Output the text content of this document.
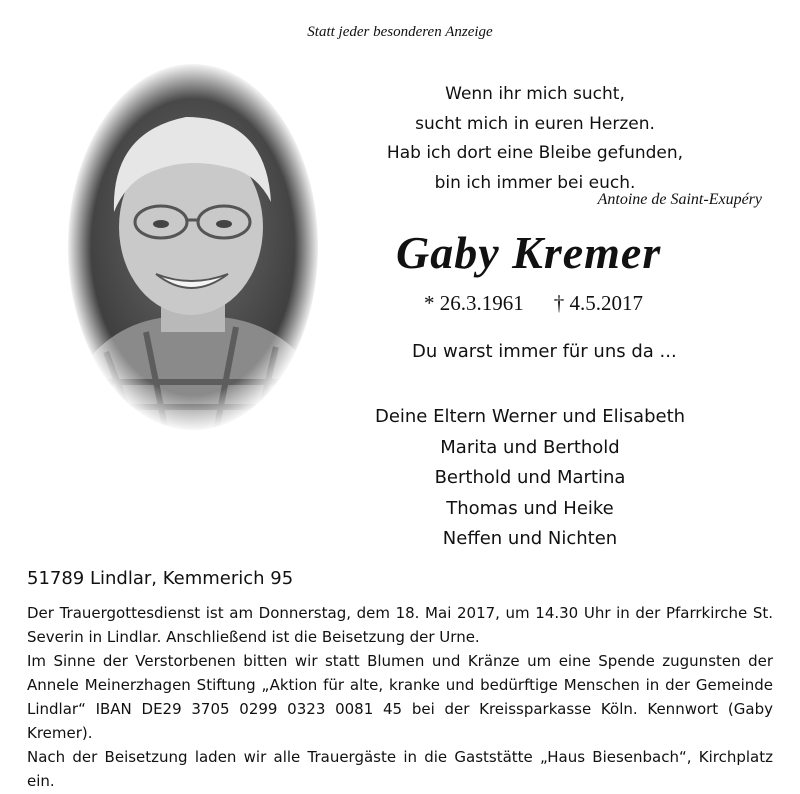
Statt jeder besonderen Anzeige
Wenn ihr mich sucht,
sucht mich in euren Herzen.
Hab ich dort eine Bleibe gefunden,
bin ich immer bei euch.
Antoine de Saint-Exupéry
Gaby Kremer
* 26.3.1961 † 4.5.2017
Du warst immer für uns da ...
Deine Eltern Werner und Elisabeth
Marita und Berthold
Berthold und Martina
Thomas und Heike
Neffen und Nichten
51789 Lindlar, Kemmerich 95

Der Trauergottesdienst ist am Donnerstag, dem 18. Mai 2017, um 14.30 Uhr in der Pfarrkirche St. Severin in Lindlar. Anschließend ist die Beisetzung der Urne.

Im Sinne der Verstorbenen bitten wir statt Blumen und Kränze um eine Spende zugunsten der Annele Meinerzhagen Stiftung „Aktion für alte, kranke und bedürftige Menschen in der Gemeinde Lindlar“ IBAN DE29 3705 0299 0323 0081 45 bei der Kreissparkasse Köln. Kennwort (Gaby Kremer).

Nach der Beisetzung laden wir alle Trauergäste in die Gaststätte „Haus Biesenbach“, Kirchplatz ein.
